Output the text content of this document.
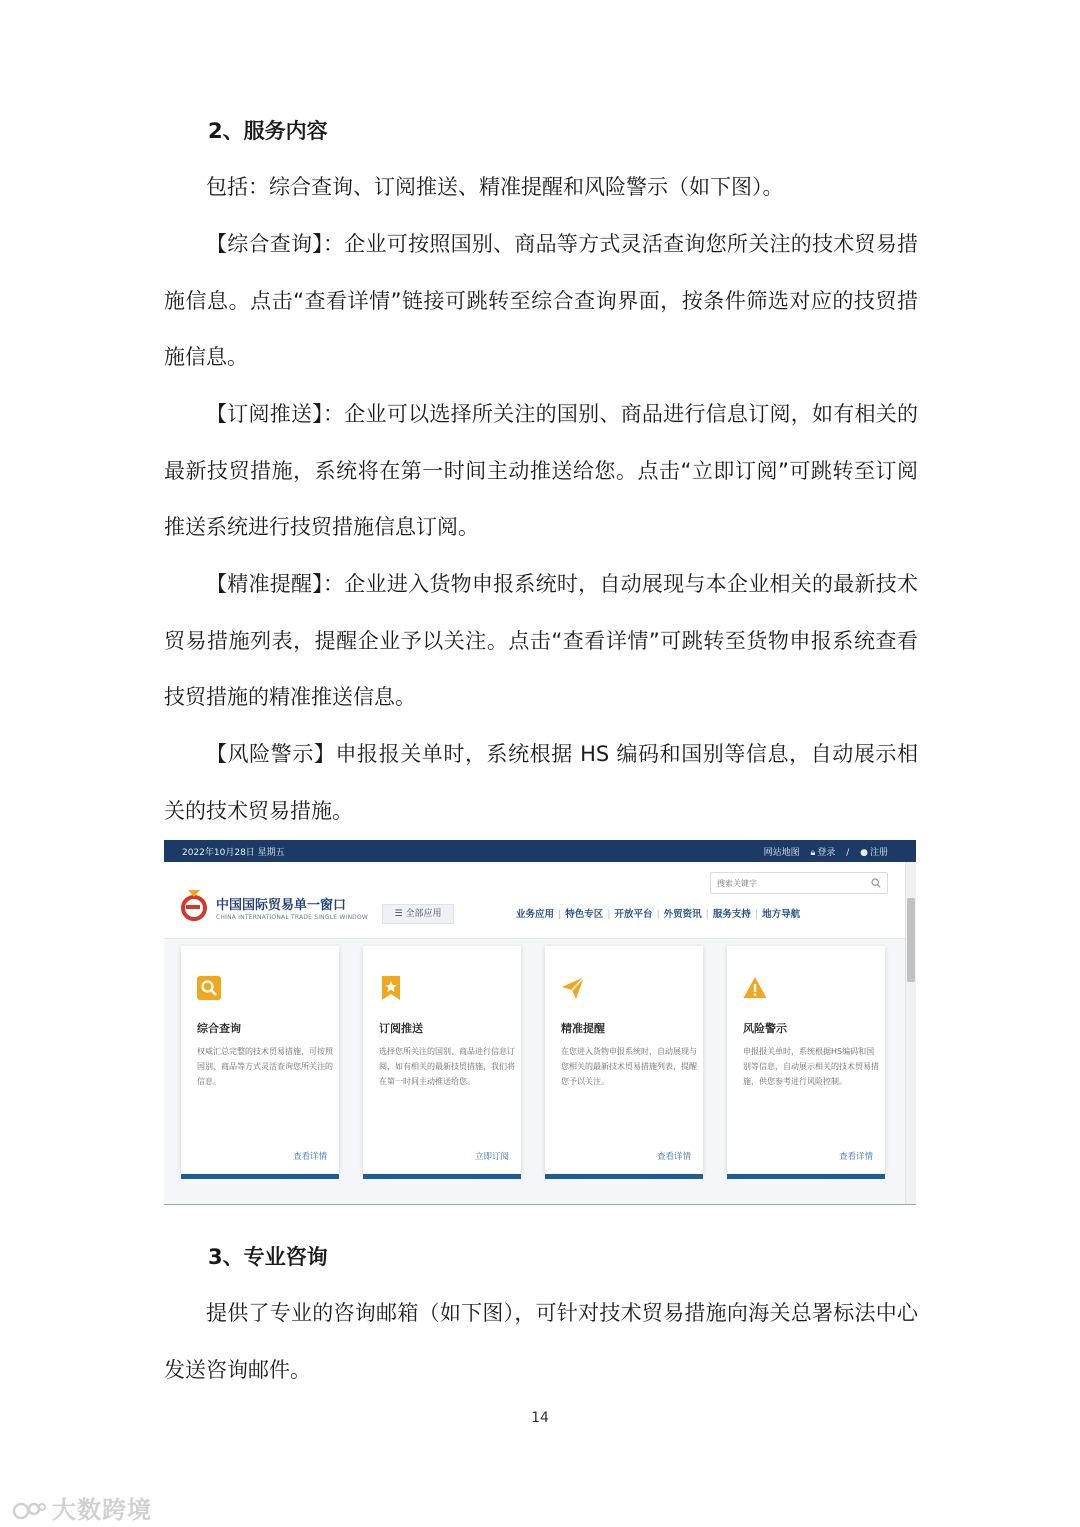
2、服务内容

包括：综合查询、订阅推送、精准提醒和风险警示（如下图）。

【综合查询】：企业可按照国别、商品等方式灵活查询您所关注的技术贸易措施信息。点击“查看详情”链接可跳转至综合查询界面，按条件筛选对应的技贸措施信息。

【订阅推送】：企业可以选择所关注的国别、商品进行信息订阅，如有相关的最新技贸措施，系统将在第一时间主动推送给您。点击“立即订阅”可跳转至订阅推送系统进行技贸措施信息订阅。

【精准提醒】：企业进入货物申报系统时，自动展现与本企业相关的最新技术贸易措施列表，提醒企业予以关注。点击“查看详情”可跳转至货物申报系统查看技贸措施的精准推送信息。

【风险警示】申报报关单时，系统根据 HS 编码和国别等信息，自动展示相关的技术贸易措施。

2022年10月28日 星期五	网站地图 🔒︎ 登录 / ● 注册
中国国际贸易单一窗口
CHINA INTERNATIONAL TRADE SINGLE WINDOW	☰ 全部应用
搜索关键字	业务应用 | 特色专区 | 开放平台 | 外贸资讯 | 服务支持 | 地方导航
综合查询
权威汇总完整的技术贸易措施，可按照国别、商品等方式灵活查询您所关注的信息。
查看详情
订阅推送
选择您所关注的国别、商品进行信息订阅，如有相关的最新技贸措施，我们将在第一时间主动推送给您。
立即订阅
精准提醒
在您进入货物申报系统时，自动展现与您相关的最新技术贸易措施列表，提醒您予以关注。
查看详情
风险警示
申报报关单时，系统根据HS编码和国别等信息，自动展示相关的技术贸易措施，供您参考进行风险控制。
查看详情
3、专业咨询

提供了专业的咨询邮箱（如下图），可针对技术贸易措施向海关总署标法中心发送咨询邮件。

14
大数跨境
